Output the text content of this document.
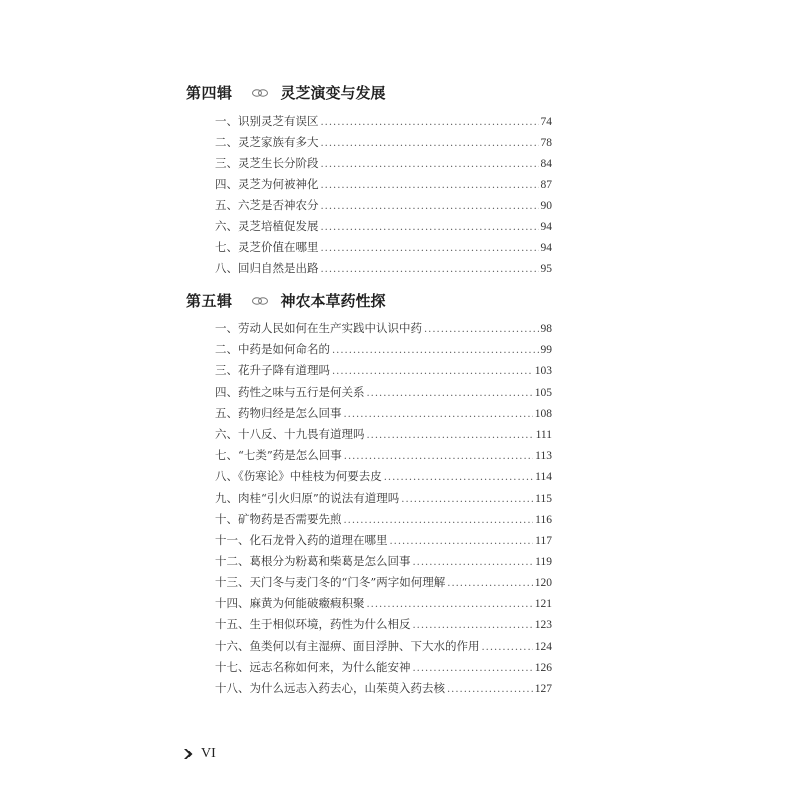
第四辑	灵芝演变与发展
一、识别灵芝有误区 .....	74
二、灵芝家族有多大 .....	78
三、灵芝生长分阶段 .....	84
四、灵芝为何被神化 .....	87
五、六芝是否神农分 .....	90
六、灵芝培植促发展 .....	94
七、灵芝价值在哪里 .....	94
八、回归自然是出路 .....	95
第五辑	神农本草药性探
一、劳动人民如何在生产实践中认识中药 .....	98
二、中药是如何命名的 .....	99
三、花升子降有道理吗 .....	103
四、药性之味与五行是何关系 .....	105
五、药物归经是怎么回事 .....	108
六、十八反、十九畏有道理吗 .....	111
七、“七类”药是怎么回事 .....	113
八、《伤寒论》中桂枝为何要去皮 .....	114
九、肉桂“引火归原”的说法有道理吗 .....	115
十、矿物药是否需要先煎 .....	116
十一、化石龙骨入药的道理在哪里 .....	117
十二、葛根分为粉葛和柴葛是怎么回事 .....	119
十三、天门冬与麦门冬的“门冬”两字如何理解 .....	120
十四、麻黄为何能破癥瘕积聚 .....	121
十五、生于相似环境，药性为什么相反 .....	123
十六、鱼类何以有主湿痹、面目浮肿、下大水的作用 .....	124
十七、远志名称如何来，为什么能安神 .....	126
十八、为什么远志入药去心，山茱萸入药去核 .....	127
VI
